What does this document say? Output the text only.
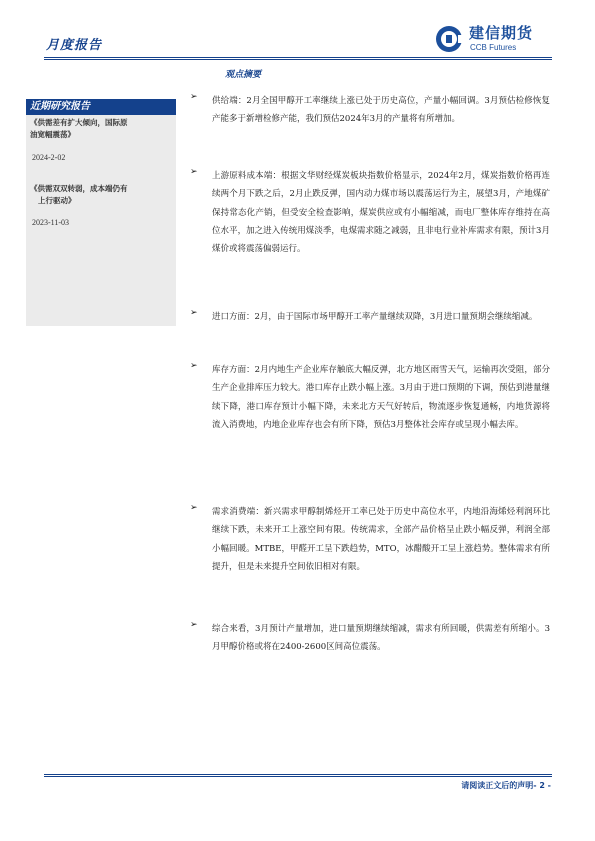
月度报告
建信期货
CCB Futures
观点摘要
近期研究报告
《供需差有扩大倾向，国际原
油宽幅震荡》
2024-2-02
《供需双双转弱，成本端仍有

上行驱动》
2023-11-03
➢ 供给端：2月全国甲醇开工率继续上涨已处于历史高位，产量小幅回调。3月预估检修恢复产能多于新增检修产能，我们预估2024年3月的产量将有所增加。
➢ 上游原料成本端：根据文华财经煤炭板块指数价格显示，2024年2月，煤炭指数价格再连续两个月下跌之后，2月止跌反弹，国内动力煤市场以震荡运行为主，展望3月，产地煤矿保持常态化产销，但受安全检查影响，煤炭供应或有小幅缩减，而电厂整体库存维持在高位水平，加之进入传统用煤淡季，电煤需求随之减弱，且非电行业补库需求有限，预计3月煤价或将震荡偏弱运行。
➢ 进口方面：2月，由于国际市场甲醇开工率产量继续双降，3月进口量预期会继续缩减。
➢ 库存方面：2月内地生产企业库存触底大幅反弹，北方地区雨雪天气，运输再次受阻，部分生产企业排库压力较大。港口库存止跌小幅上涨。3月由于进口预期的下调，预估到港量继续下降，港口库存预计小幅下降，未来北方天气好转后，物流逐步恢复通畅，内地货源将流入消费地，内地企业库存也会有所下降，预估3月整体社会库存或呈现小幅去库。
➢ 需求消费端：新兴需求甲醇制烯烃开工率已处于历史中高位水平，内地沿海烯烃利润环比继续下跌，未来开工上涨空间有限。传统需求，全部产品价格呈止跌小幅反弹，利润全部小幅回暖。MTBE，甲醛开工呈下跌趋势，MTO，冰醋酸开工呈上涨趋势。整体需求有所提升，但是未来提升空间依旧相对有限。
➢ 综合来看，3月预计产量增加，进口量预期继续缩减，需求有所回暖，供需差有所缩小。3月甲醇价格或将在2400-2600区间高位震荡。
请阅读正文后的声明- 2 -
